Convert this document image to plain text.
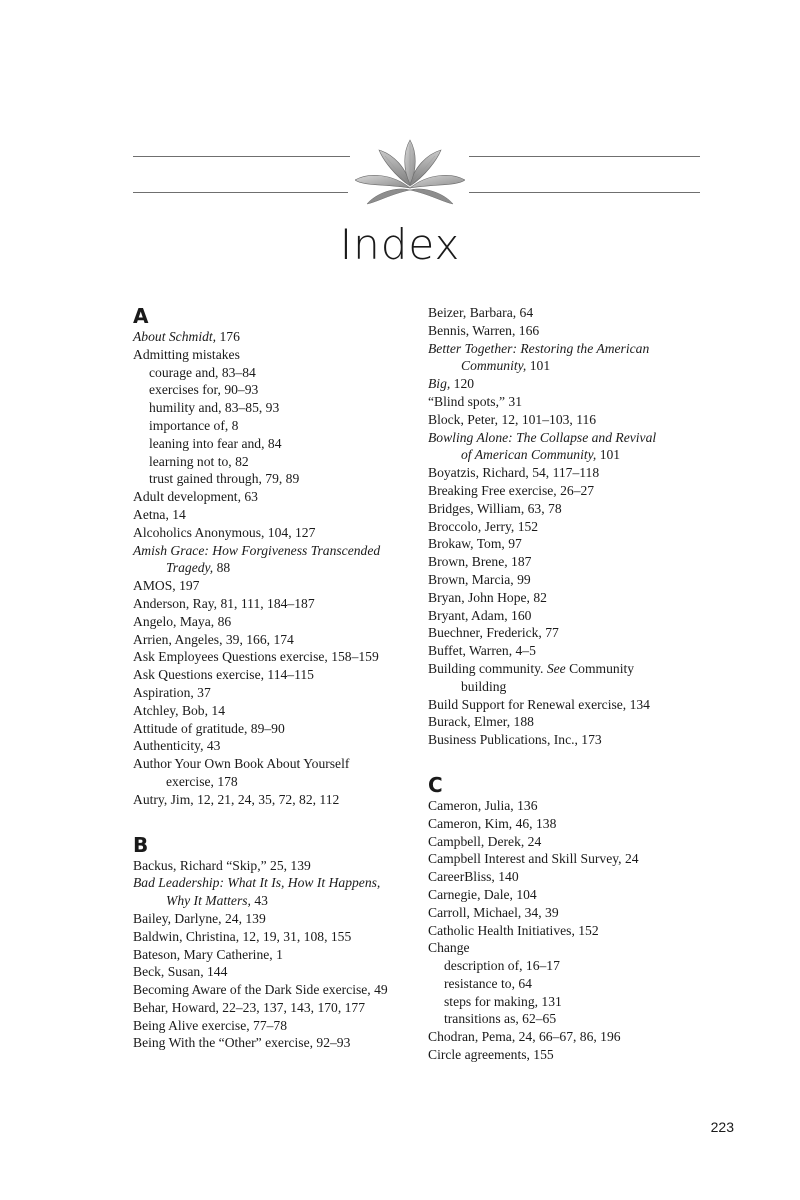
Index
A
About Schmidt, 176
Admitting mistakes
courage and, 83–84
exercises for, 90–93
humility and, 83–85, 93
importance of, 8
leaning into fear and, 84
learning not to, 82
trust gained through, 79, 89
Adult development, 63
Aetna, 14
Alcoholics Anonymous, 104, 127
Amish Grace: How Forgiveness Transcended
Tragedy, 88
AMOS, 197
Anderson, Ray, 81, 111, 184–187
Angelo, Maya, 86
Arrien, Angeles, 39, 166, 174
Ask Employees Questions exercise, 158–159
Ask Questions exercise, 114–115
Aspiration, 37
Atchley, Bob, 14
Attitude of gratitude, 89–90
Authenticity, 43
Author Your Own Book About Yourself
exercise, 178
Autry, Jim, 12, 21, 24, 35, 72, 82, 112
B
Backus, Richard “Skip,” 25, 139
Bad Leadership: What It Is, How It Happens,
Why It Matters, 43
Bailey, Darlyne, 24, 139
Baldwin, Christina, 12, 19, 31, 108, 155
Bateson, Mary Catherine, 1
Beck, Susan, 144
Becoming Aware of the Dark Side exercise, 49
Behar, Howard, 22–23, 137, 143, 170, 177
Being Alive exercise, 77–78
Being With the “Other” exercise, 92–93
Beizer, Barbara, 64
Bennis, Warren, 166
Better Together: Restoring the American
Community, 101
Big, 120
“Blind spots,” 31
Block, Peter, 12, 101–103, 116
Bowling Alone: The Collapse and Revival
of American Community, 101
Boyatzis, Richard, 54, 117–118
Breaking Free exercise, 26–27
Bridges, William, 63, 78
Broccolo, Jerry, 152
Brokaw, Tom, 97
Brown, Brene, 187
Brown, Marcia, 99
Bryan, John Hope, 82
Bryant, Adam, 160
Buechner, Frederick, 77
Buffet, Warren, 4–5
Building community. See Community
building
Build Support for Renewal exercise, 134
Burack, Elmer, 188
Business Publications, Inc., 173
C
Cameron, Julia, 136
Cameron, Kim, 46, 138
Campbell, Derek, 24
Campbell Interest and Skill Survey, 24
CareerBliss, 140
Carnegie, Dale, 104
Carroll, Michael, 34, 39
Catholic Health Initiatives, 152
Change
description of, 16–17
resistance to, 64
steps for making, 131
transitions as, 62–65
Chodran, Pema, 24, 66–67, 86, 196
Circle agreements, 155
223
